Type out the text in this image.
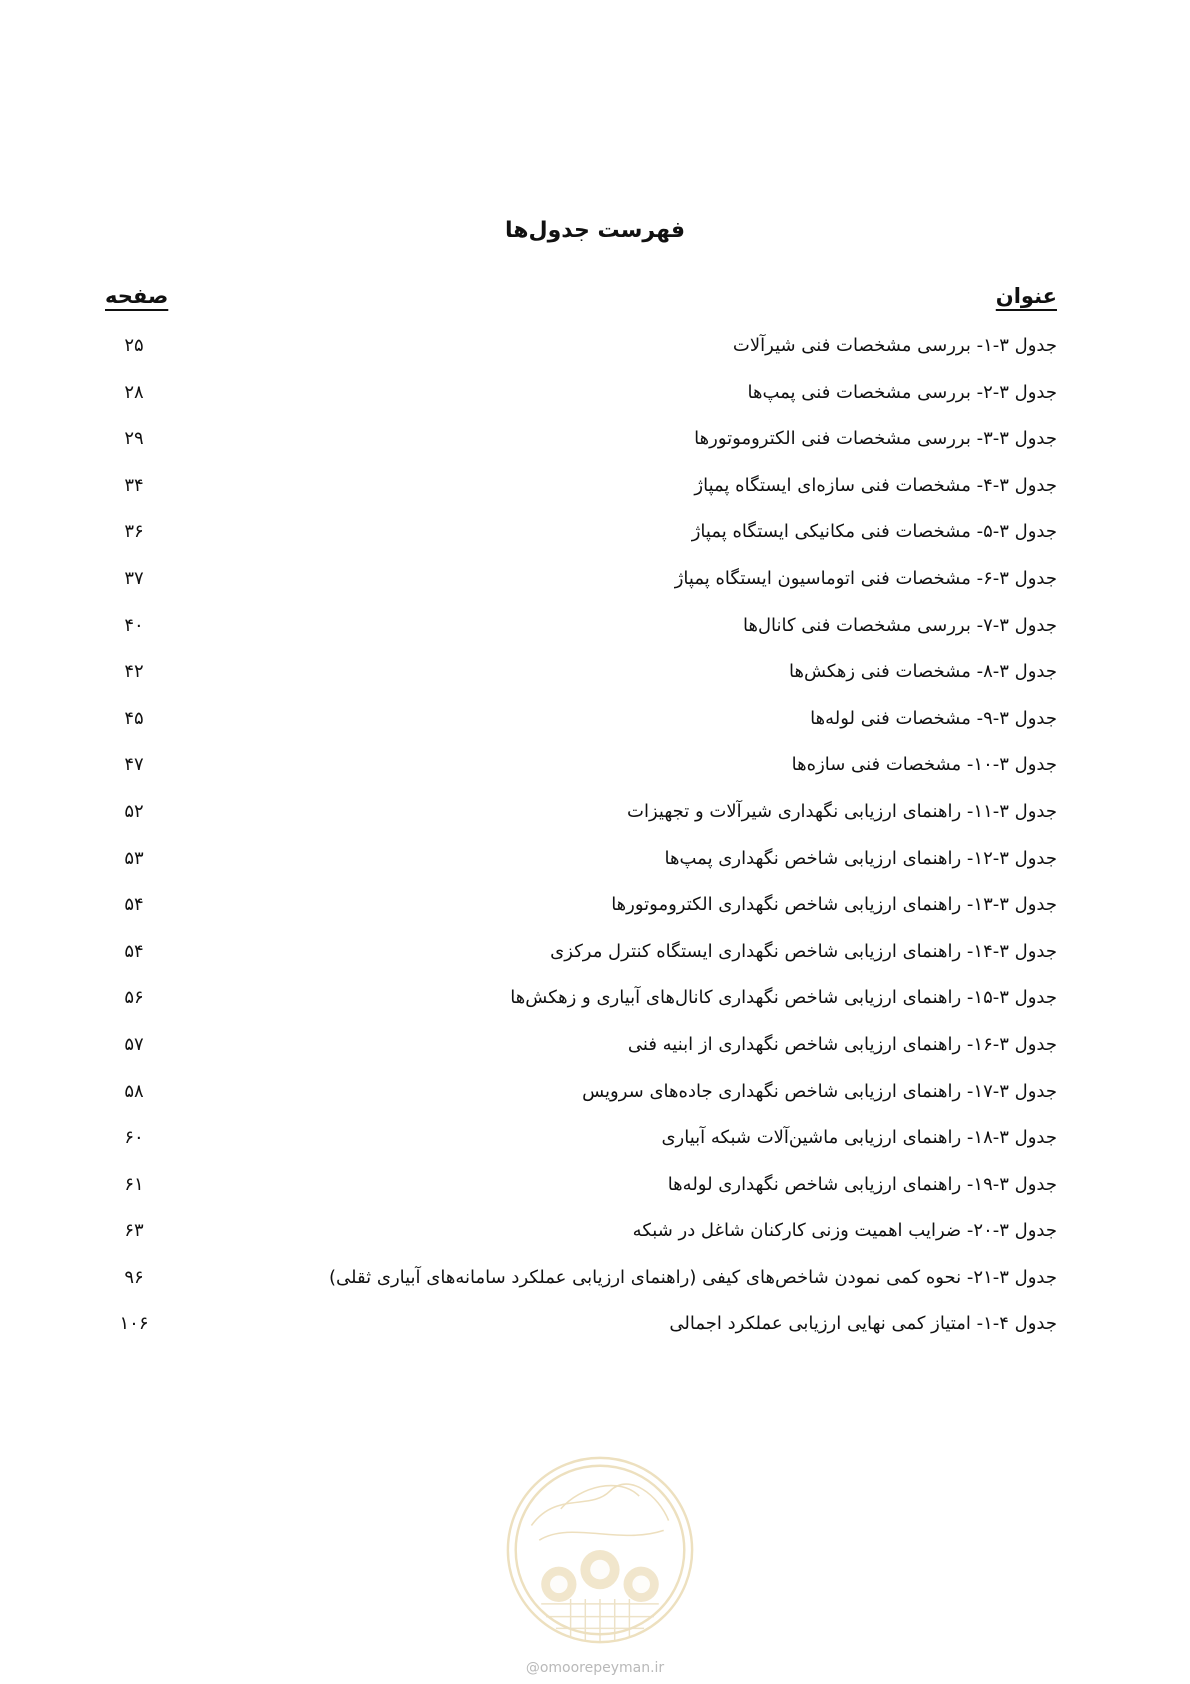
فهرست جدول‌ها
عنوان
صفحه
جدول ۳-۱- بررسی مشخصات فنی شیرآلات
۲۵
جدول ۳-۲- بررسی مشخصات فنی پمپ‌ها
۲۸
جدول ۳-۳- بررسی مشخصات فنی الکتروموتورها
۲۹
جدول ۳-۴- مشخصات فنی سازه‌ای ایستگاه پمپاژ
۳۴
جدول ۳-۵- مشخصات فنی مکانیکی ایستگاه پمپاژ
۳۶
جدول ۳-۶- مشخصات فنی اتوماسیون ایستگاه پمپاژ
۳۷
جدول ۳-۷- بررسی مشخصات فنی کانال‌ها
۴۰
جدول ۳-۸- مشخصات فنی زهکش‌ها
۴۲
جدول ۳-۹- مشخصات فنی لوله‌ها
۴۵
جدول ۳-۱۰- مشخصات فنی سازه‌ها
۴۷
جدول ۳-۱۱- راهنمای ارزیابی نگهداری شیرآلات و تجهیزات
۵۲
جدول ۳-۱۲- راهنمای ارزیابی شاخص نگهداری پمپ‌ها
۵۳
جدول ۳-۱۳- راهنمای ارزیابی شاخص نگهداری الکتروموتورها
۵۴
جدول ۳-۱۴- راهنمای ارزیابی شاخص نگهداری ایستگاه کنترل مرکزی
۵۴
جدول ۳-۱۵- راهنمای ارزیابی شاخص نگهداری کانال‌های آبیاری و زهکش‌ها
۵۶
جدول ۳-۱۶- راهنمای ارزیابی شاخص نگهداری از ابنیه فنی
۵۷
جدول ۳-۱۷- راهنمای ارزیابی شاخص نگهداری جاده‌های سرویس
۵۸
جدول ۳-۱۸- راهنمای ارزیابی ماشین‌آلات شبکه آبیاری
۶۰
جدول ۳-۱۹- راهنمای ارزیابی شاخص نگهداری لوله‌ها
۶۱
جدول ۳-۲۰- ضرایب اهمیت وزنی کارکنان شاغل در شبکه
۶۳
جدول ۳-۲۱- نحوه کمی نمودن شاخص‌های کیفی (راهنمای ارزیابی عملکرد سامانه‌های آبیاری ثقلی)
۹۶
جدول ۴-۱- امتیاز کمی نهایی ارزیابی عملکرد اجمالی
۱۰۶
@omoorepeyman.ir
